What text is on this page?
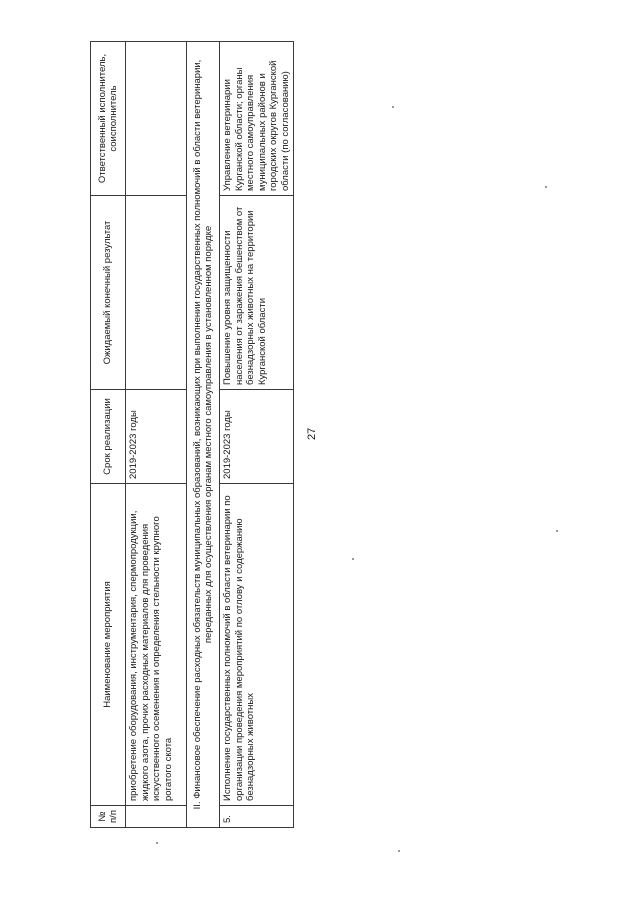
27
№ п/п	Наименование мероприятия	Срок реализации	Ожидаемый конечный результат	Ответственный исполнитель, соисполнитель
	приобретение оборудования, инструментария, спермопродукции, жидкого азота, прочих расходных материалов для проведения искусственного осеменения и определения стельности крупного рогатого скота	2019-2023 годы		
II. Финансовое обеспечение расходных обязательств муниципальных образований, возникающих при выполнении государственных полномочий в области ветеринарии, переданных для осуществления органам местного самоуправления в установленном порядке				
5.	Исполнение государственных полномочий в области ветеринарии по организации проведения мероприятий по отлову и содержанию безнадзорных животных	2019-2023 годы	Повышение уровня защищенности населения от заражения бешенством от безнадзорных животных на территории Курганской области	Управление ветеринарии Курганской области; органы местного самоуправления муниципальных районов и городских округов Курганской области (по согласованию)
